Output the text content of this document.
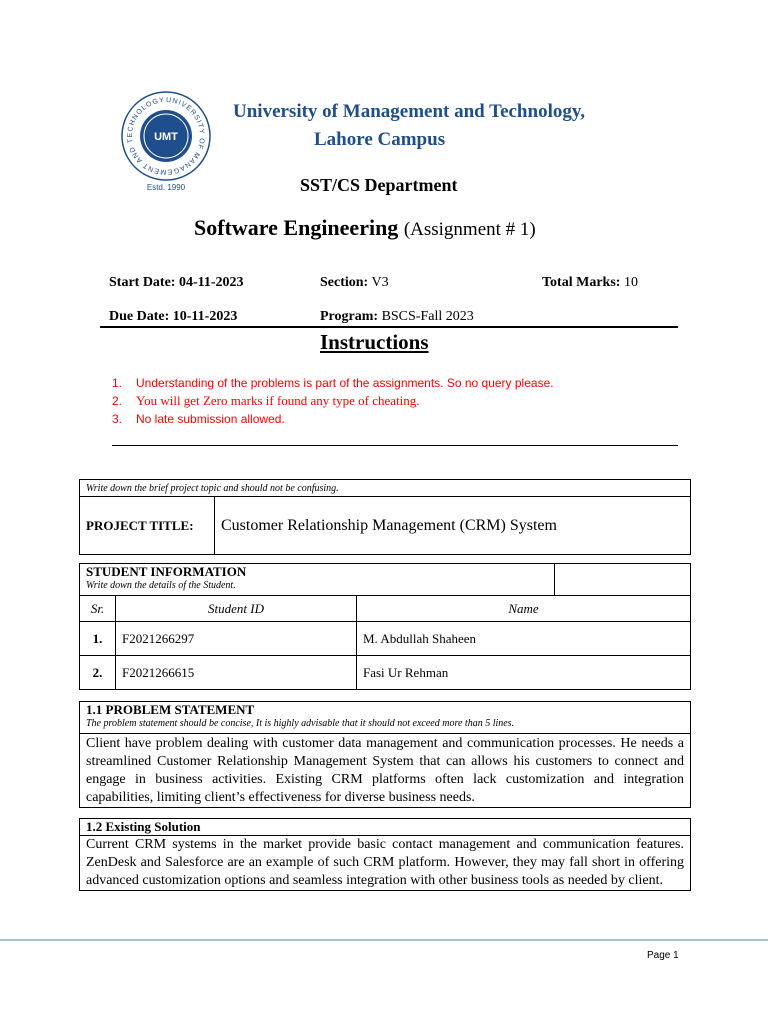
UNIVERSITY OF MANAGEMENT AND TECHNOLOGY
UMT
Estd. 1990
University of Management and Technology,
Lahore Campus
SST/CS Department
Software Engineering (Assignment # 1)
Start Date: 04-11-2023	Section: V3	Total Marks: 10
Due Date: 10-11-2023	Program: BSCS-Fall 2023
Instructions
1.	Understanding of the problems is part of the assignments. So no query please.
2.	You will get Zero marks if found any type of cheating.
3.	No late submission allowed.
Write down the brief project topic and should not be confusing.
PROJECT TITLE:	Customer Relationship Management (CRM) System
STUDENT INFORMATION
Write down the details of the Student.			

Sr.	Student ID	Name	
1.	F2021266297	M. Abdullah Shaheen	
2.	F2021266615	Fasi Ur Rehman	
1.1 PROBLEM STATEMENT
The problem statement should be concise, It is highly advisable that it should not exceed more than 5 lines.

Client have problem dealing with customer data management and communication processes. He needs a streamlined Customer Relationship Management System that can allows his customers to connect and engage in business activities. Existing CRM platforms often lack customization and integration capabilities, limiting client’s effectiveness for diverse business needs.
1.2 Existing Solution
Current CRM systems in the market provide basic contact management and communication features. ZenDesk and Salesforce are an example of such CRM platform. However, they may fall short in offering advanced customization options and seamless integration with other business tools as needed by client.
Page 1
